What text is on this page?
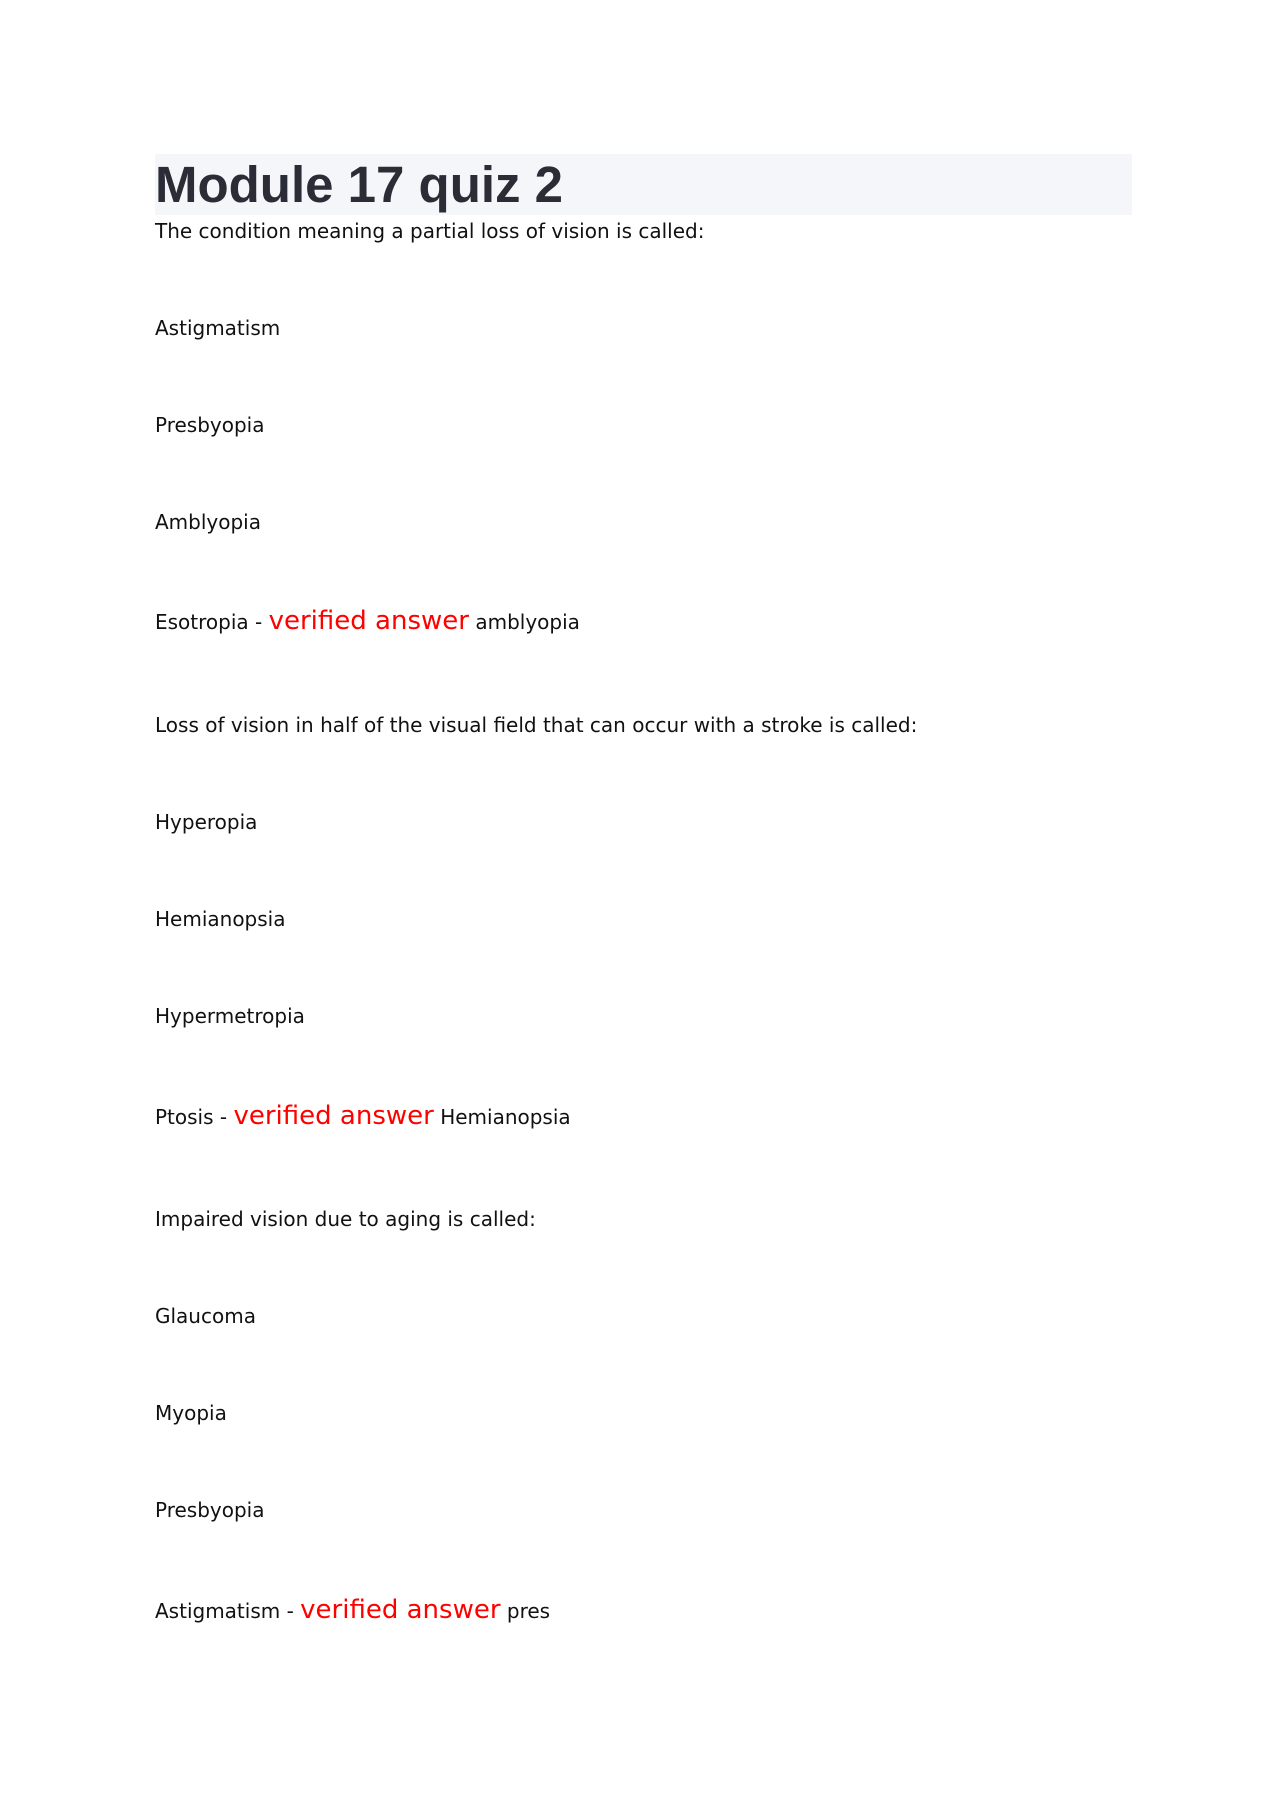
Module 17 quiz 2

The condition meaning a partial loss of vision is called:

Astigmatism

Presbyopia

Amblyopia

Esotropia - verified answer amblyopia

Loss of vision in half of the visual field that can occur with a stroke is called:

Hyperopia

Hemianopsia

Hypermetropia

Ptosis - verified answer Hemianopsia

Impaired vision due to aging is called:

Glaucoma

Myopia

Presbyopia

Astigmatism - verified answer pres
